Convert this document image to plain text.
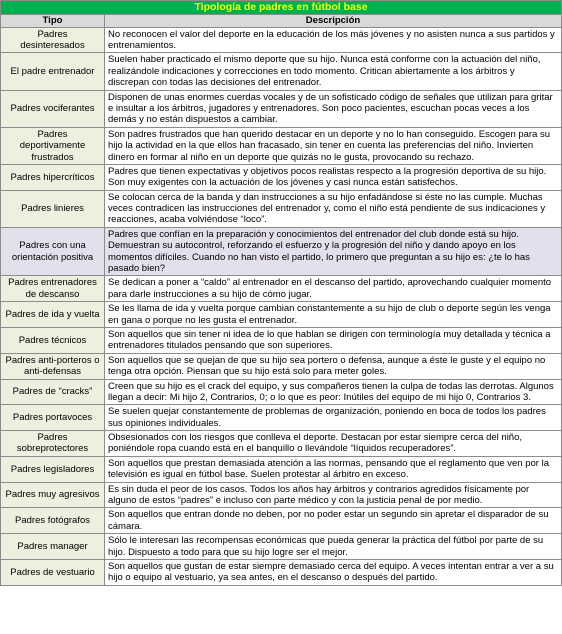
Tipología de padres en fútbol base	
Tipo	Descripción
Padres desinteresados	No reconocen el valor del deporte en la educación de los más jóvenes y no asisten nunca a sus partidos y entrenamientos.
El padre entrenador	Suelen haber practicado el mismo deporte que su hijo. Nunca está conforme con la actuación del niño, realizándole indicaciones y correcciones en todo momento. Critican abiertamente a los árbitros y discrepan con todas las decisiones del entrenador.
Padres vociferantes	Disponen de unas enormes cuerdas vocales y de un sofisticado código de señales que utilizan para gritar e insultar a los árbitros, jugadores y entrenadores. Son poco pacientes, escuchan pocas veces a los demás y no están dispuestos a cambiar.
Padres deportivamente frustrados	Son padres frustrados que han querido destacar en un deporte y no lo han conseguido. Escogen para su hijo la actividad en la que ellos han fracasado, sin tener en cuenta las preferencias del niño. Invierten dinero en formar al niño en un deporte que quizás no le gusta, provocando su rechazo.
Padres hipercríticos	Padres que tienen expectativas y objetivos pocos realistas respecto a la progresión deportiva de su hijo. Son muy exigentes con la actuación de los jóvenes y casi nunca están satisfechos.
Padres linieres	Se colocan cerca de la banda y dan instrucciones a su hijo enfadándose si éste no las cumple. Muchas veces contradicen las instrucciones del entrenador y, como el niño está pendiente de sus indicaciones y reacciones, acaba volviéndose “loco”.
Padres con una orientación positiva	Padres que confían en la preparación y conocimientos del entrenador del club donde está su hijo. Demuestran su autocontrol, reforzando el esfuerzo y la progresión del niño y dando apoyo en los momentos difíciles. Cuando no han visto el partido, lo primero que preguntan a su hijo es: ¿te lo has pasado bien?
Padres entrenadores de descanso	Se dedican a poner a “caldo” al entrenador en el descanso del partido, aprovechando cualquier momento para darle instrucciones a su hijo de cómo jugar.
Padres de ida y vuelta	Se les llama de ida y vuelta porque cambian constantemente a su hijo de club o deporte según les venga en gana o porque no les gusta el entrenador.
Padres técnicos	Son aquellos que sin tener ni idea de lo que hablan se dirigen con terminología muy detallada y técnica a entrenadores titulados pensando que son superiores.
Padres anti-porteros o anti-defensas	Son aquellos que se quejan de que su hijo sea portero o defensa, aunque a éste le guste y el equipo no tenga otra opción. Piensan que su hijo está solo para meter goles.
Padres de “cracks”	Creen que su hijo es el crack del equipo, y sus compañeros tienen la culpa de todas las derrotas. Algunos llegan a decir: Mi hijo 2, Contrarios, 0; o lo que es peor: Inútiles del equipo de mi hijo 0, Contrarios 3.
Padres portavoces	Se suelen quejar constantemente de problemas de organización, poniendo en boca de todos los padres sus opiniones individuales.
Padres sobreprotectores	Obsesionados con los riesgos que conlleva el deporte. Destacan por estar siempre cerca del niño, poniéndole ropa cuando está en el banquillo o llevándole “líquidos recuperadores”.
Padres legisladores	Son aquellos que prestan demasiada atención a las normas, pensando que el reglamento que ven por la televisión es igual en fútbol base. Suelen protestar al árbitro en exceso.
Padres muy agresivos	Es sin duda el peor de los casos. Todos los años hay árbitros y contrarios agredidos físicamente por alguno de estos “padres” e incluso con parte médico y con la justicia penal de por medio.
Padres fotógrafos	Son aquellos que entran donde no deben, por no poder estar un segundo sin apretar el disparador de su cámara.
Padres manager	Sólo le interesan las recompensas económicas que pueda generar la práctica del fútbol por parte de su hijo. Dispuesto a todo para que su hijo logre ser el mejor.
Padres de vestuario	Son aquellos que gustan de estar siempre demasiado cerca del equipo. A veces intentan entrar a ver a su hijo o equipo al vestuario, ya sea antes, en el descanso o después del partido.
